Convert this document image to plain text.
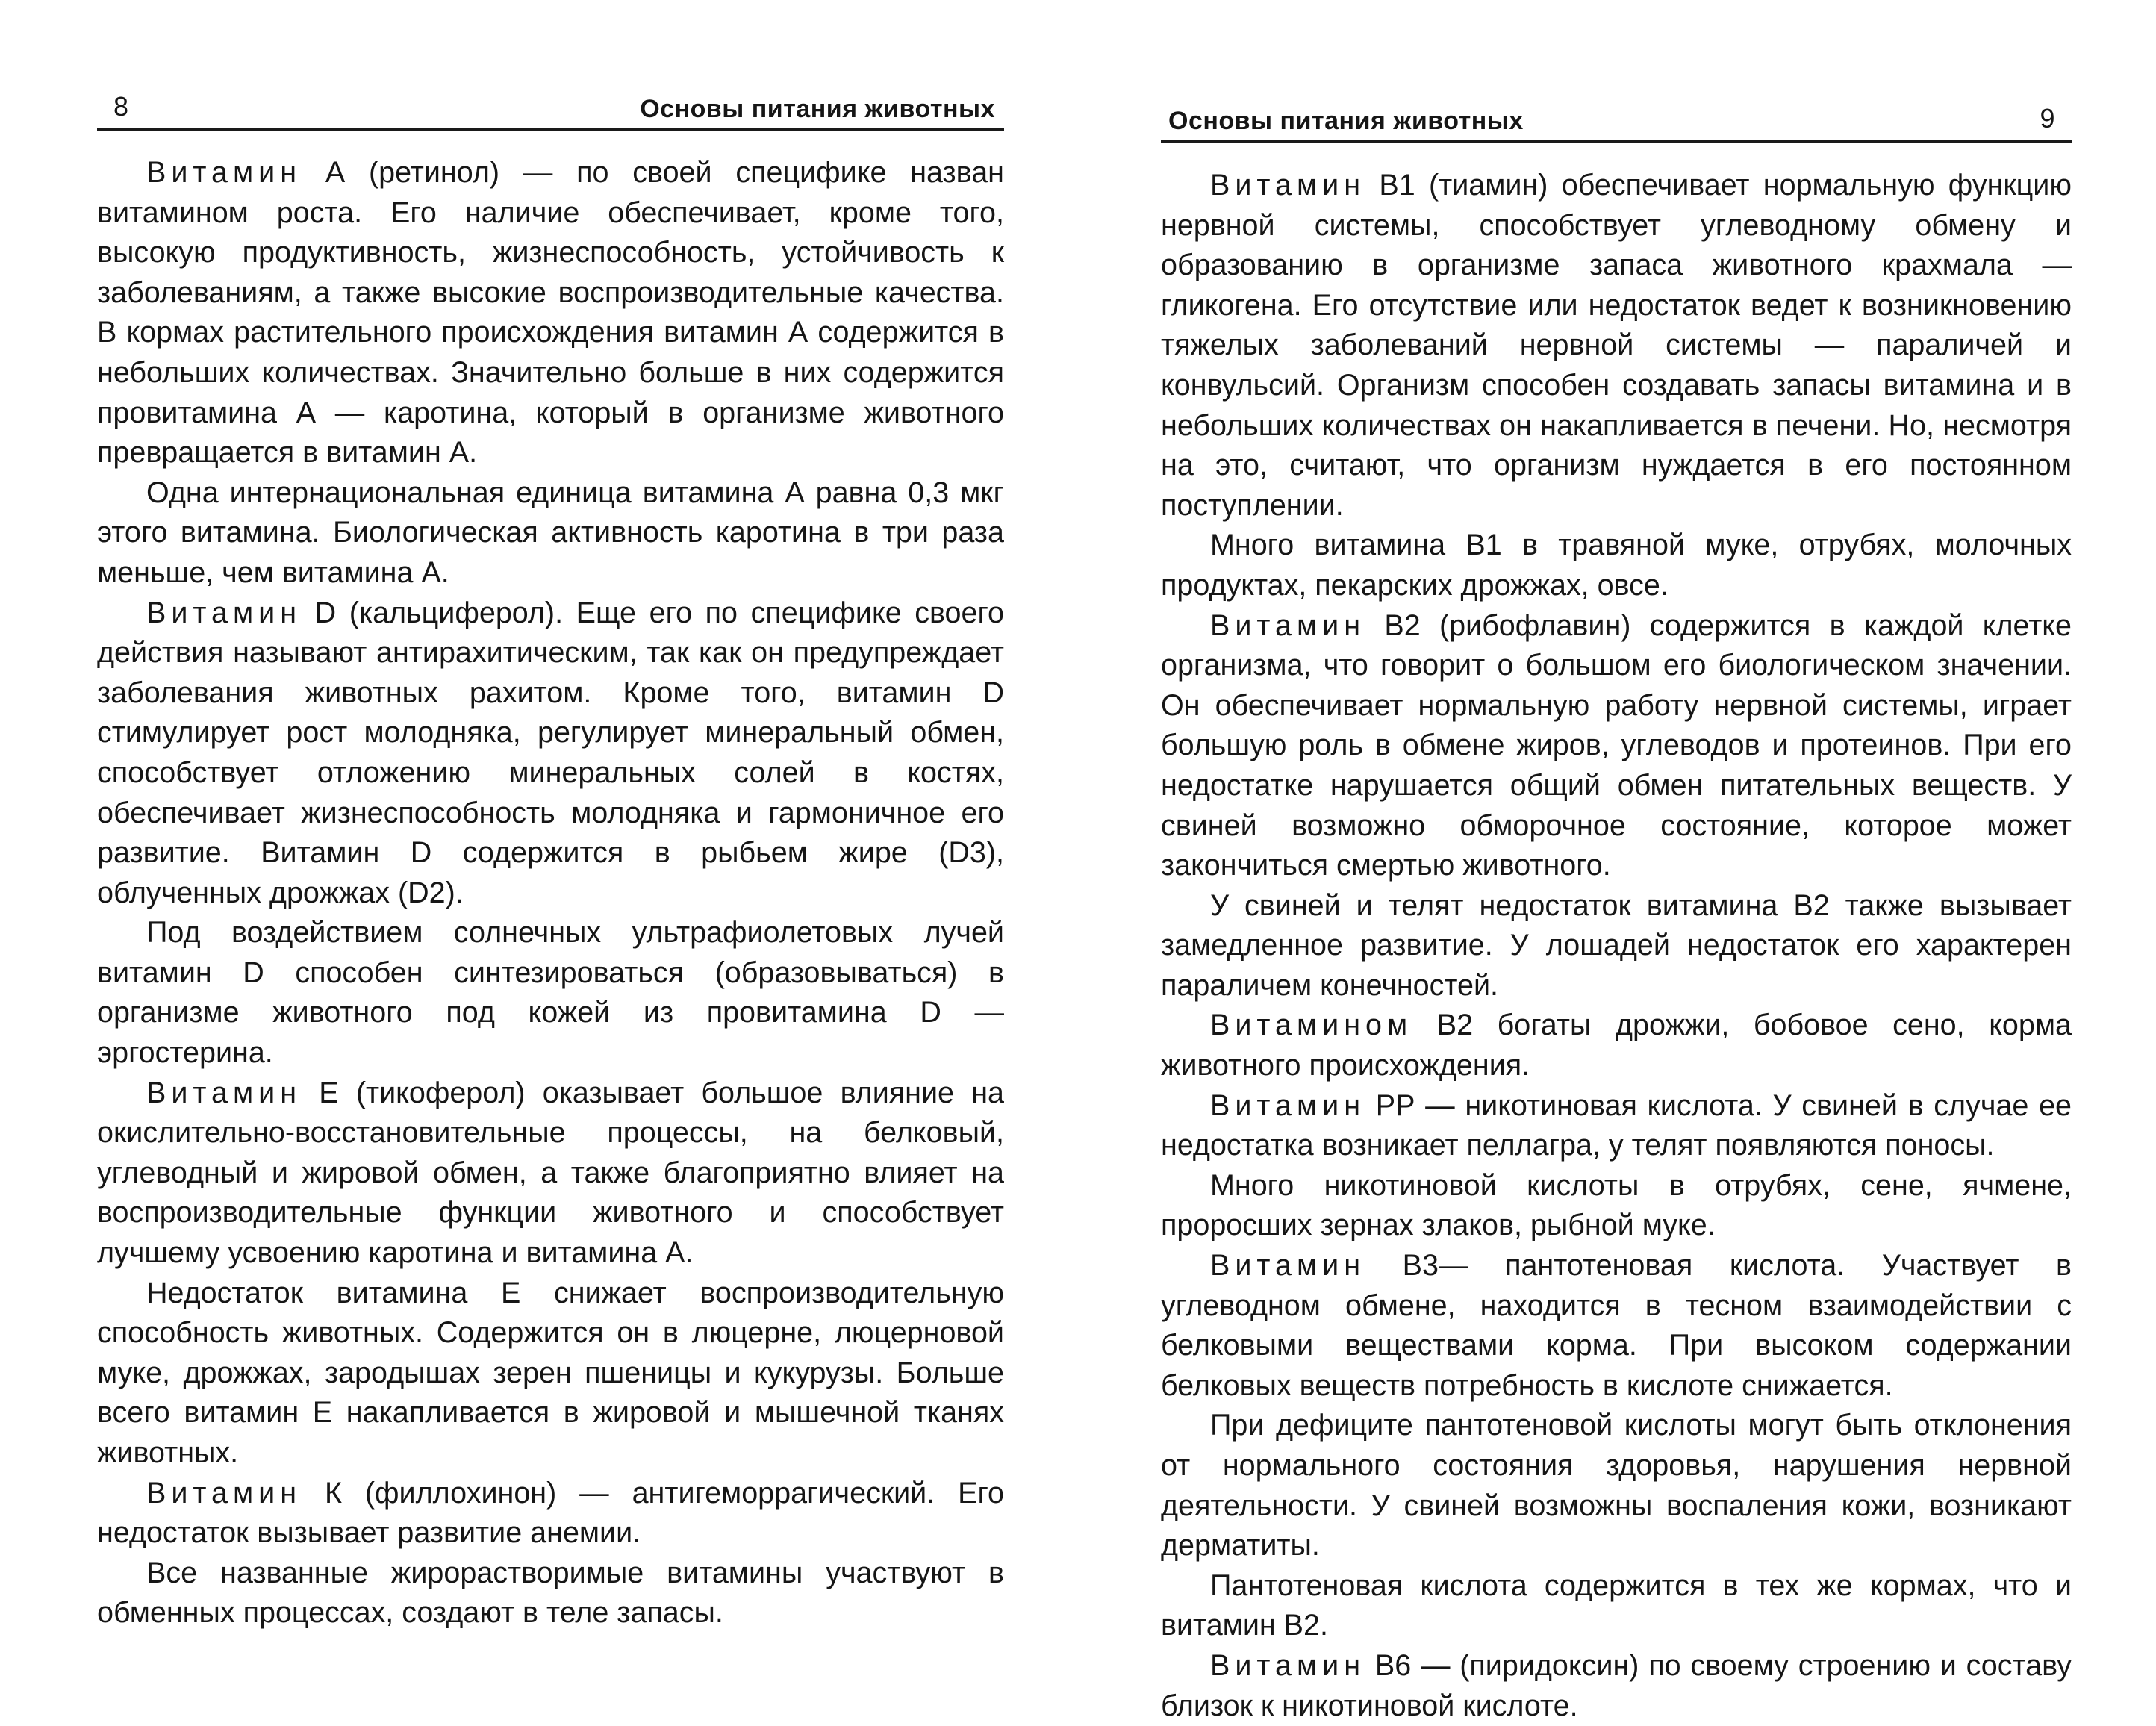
8	Основы питания животных

Витамин А (ретинол) — по своей специфике назван витамином роста. Его наличие обеспечивает, кроме того, высокую продуктивность, жизнеспособность, устойчивость к заболеваниям, а также высокие воспроизводительные качества. В кормах растительного происхождения витамин А содержится в небольших количествах. Значительно больше в них содержится провитамина А — каротина, который в организме животного превращается в витамин А.

Одна интернациональная единица витамина А равна 0,3 мкг этого витамина. Биологическая активность каротина в три раза меньше, чем витамина А.

Витамин D (кальциферол). Еще его по специфике своего действия называют антирахитическим, так как он предупреждает заболевания животных рахитом. Кроме того, витамин D стимулирует рост молодняка, регулирует минеральный обмен, способствует отложению минеральных солей в костях, обеспечивает жизнеспособность молодняка и гармоничное его развитие. Витамин D содержится в рыбьем жире (D3), облученных дрожжах (D2).

Под воздействием солнечных ультрафиолетовых лучей витамин D способен синтезироваться (образовываться) в организме животного под кожей из провитамина D — эргостерина.

Витамин Е (тикоферол) оказывает большое влияние на окислительно-восстановительные процессы, на белковый, углеводный и жировой обмен, а также благоприятно влияет на воспроизводительные функции животного и способствует лучшему усвоению каротина и витамина А.

Недостаток витамина Е снижает воспроизводительную способность животных. Содержится он в люцерне, люцерновой муке, дрожжах, зародышах зерен пшеницы и кукурузы. Больше всего витамин Е накапливается в жировой и мышечной тканях животных.

Витамин К (филлохинон) — антигеморрагический. Его недостаток вызывает развитие анемии.

Все названные жирорастворимые витамины участвуют в обменных процессах, создают в теле запасы.

Основы питания животных	9

Витамин В1 (тиамин) обеспечивает нормальную функцию нервной системы, способствует углеводному обмену и образованию в организме запаса животного крахмала — гликогена. Его отсутствие или недостаток ведет к возникновению тяжелых заболеваний нервной системы — параличей и конвульсий. Организм способен создавать запасы витамина и в небольших количествах он накапливается в печени. Но, несмотря на это, считают, что организм нуждается в его постоянном поступлении.

Много витамина В1 в травяной муке, отрубях, молочных продуктах, пекарских дрожжах, овсе.

Витамин В2 (рибофлавин) содержится в каждой клетке организма, что говорит о большом его биологическом значении. Он обеспечивает нормальную работу нервной системы, играет большую роль в обмене жиров, углеводов и протеинов. При его недостатке нарушается общий обмен питательных веществ. У свиней возможно обморочное состояние, которое может закончиться смертью животного.

У свиней и телят недостаток витамина В2 также вызывает замедленное развитие. У лошадей недостаток его характерен параличем конечностей.

Витамином В2 богаты дрожжи, бобовое сено, корма животного происхождения.

Витамин РР — никотиновая кислота. У свиней в случае ее недостатка возникает пеллагра, у телят появляются поносы.

Много никотиновой кислоты в отрубях, сене, ячмене, проросших зернах злаков, рыбной муке.

Витамин В3— пантотеновая кислота. Участвует в углеводном обмене, находится в тесном взаимодействии с белковыми веществами корма. При высоком содержании белковых веществ потребность в кислоте снижается.

При дефиците пантотеновой кислоты могут быть отклонения от нормального состояния здоровья, нарушения нервной деятельности. У свиней возможны воспаления кожи, возникают дерматиты.

Пантотеновая кислота содержится в тех же кормах, что и витамин В2.

Витамин В6 — (пиридоксин) по своему строению и составу близок к никотиновой кислоте.
